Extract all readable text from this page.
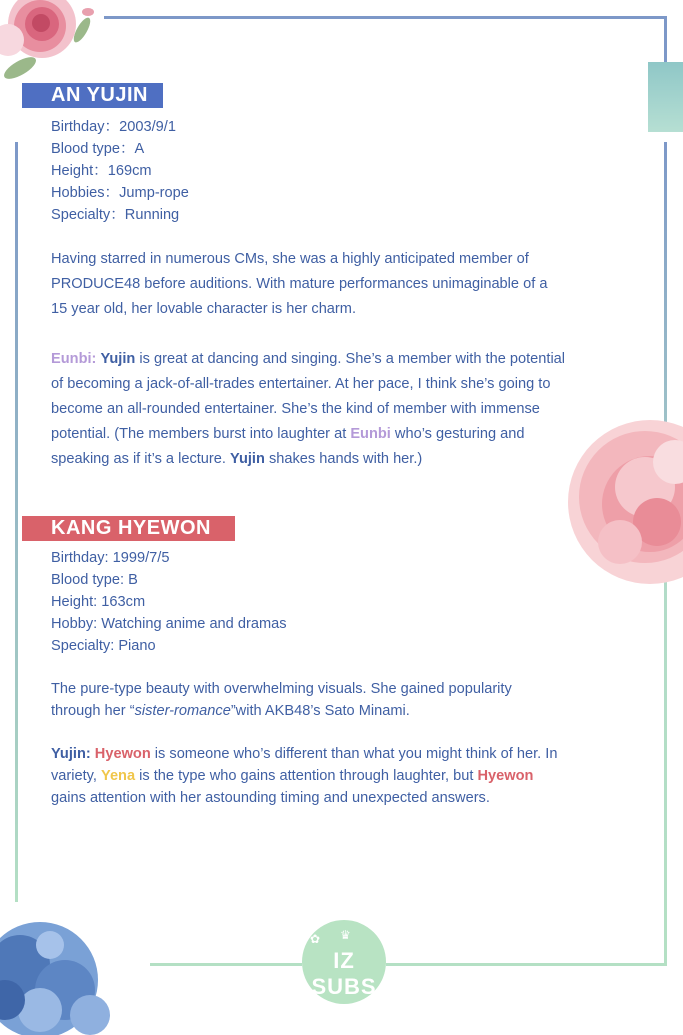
AN YUJIN
Birthday：2003/9/1
Blood type：A
Height：169cm
Hobbies：Jump-rope
Specialty：Running
Having starred in numerous CMs, she was a highly anticipated member of
PRODUCE48 before auditions. With mature performances unimaginable of a
15 year old, her lovable character is her charm.
Eunbi: Yujin is great at dancing and singing. She’s a member with the potential
of becoming a jack-of-all-trades entertainer. At her pace, I think she’s going to
become an all-rounded entertainer. She’s the kind of member with immense
potential. (The members burst into laughter at Eunbi who’s gesturing and
speaking as if it’s a lecture. Yujin shakes hands with her.)
KANG HYEWON
Birthday: 1999/7/5
Blood type: B
Height: 163cm
Hobby: Watching anime and dramas
Specialty: Piano
The pure-type beauty with overwhelming visuals. She gained popularity
through her “sister-romance”with AKB48’s Sato Minami.
Yujin: Hyewon is someone who’s different than what you might think of her. In
variety, Yena is the type who gains attention through laughter, but Hyewon
gains attention with her astounding timing and unexpected answers.
✿ ♛
IZ SUBS
